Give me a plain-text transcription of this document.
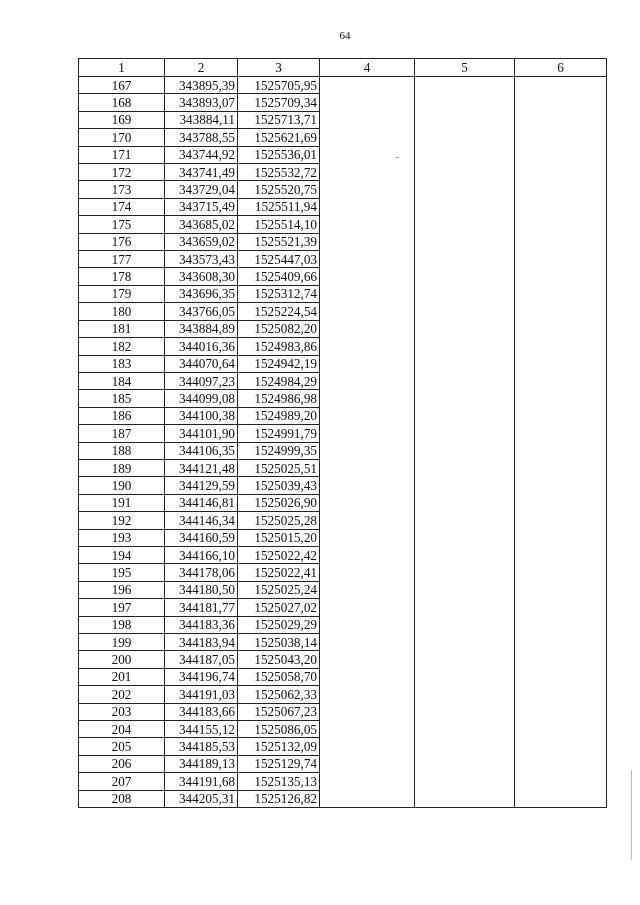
64
1	2	3	4	5	6
167	343895,39	1525705,95			
168	343893,07	1525709,34			
169	343884,11	1525713,71			
170	343788,55	1525621,69			
171	343744,92	1525536,01			
172	343741,49	1525532,72			
173	343729,04	1525520,75			
174	343715,49	1525511,94			
175	343685,02	1525514,10			
176	343659,02	1525521,39			
177	343573,43	1525447,03			
178	343608,30	1525409,66			
179	343696,35	1525312,74			
180	343766,05	1525224,54			
181	343884,89	1525082,20			
182	344016,36	1524983,86			
183	344070,64	1524942,19			
184	344097,23	1524984,29			
185	344099,08	1524986,98			
186	344100,38	1524989,20			
187	344101,90	1524991,79			
188	344106,35	1524999,35			
189	344121,48	1525025,51			
190	344129,59	1525039,43			
191	344146,81	1525026,90			
192	344146,34	1525025,28			
193	344160,59	1525015,20			
194	344166,10	1525022,42			
195	344178,06	1525022,41			
196	344180,50	1525025,24			
197	344181,77	1525027,02			
198	344183,36	1525029,29			
199	344183,94	1525038,14			
200	344187,05	1525043,20			
201	344196,74	1525058,70			
202	344191,03	1525062,33			
203	344183,66	1525067,23			
204	344155,12	1525086,05			
205	344185,53	1525132,09			
206	344189,13	1525129,74			
207	344191,68	1525135,13			
208	344205,31	1525126,82			
